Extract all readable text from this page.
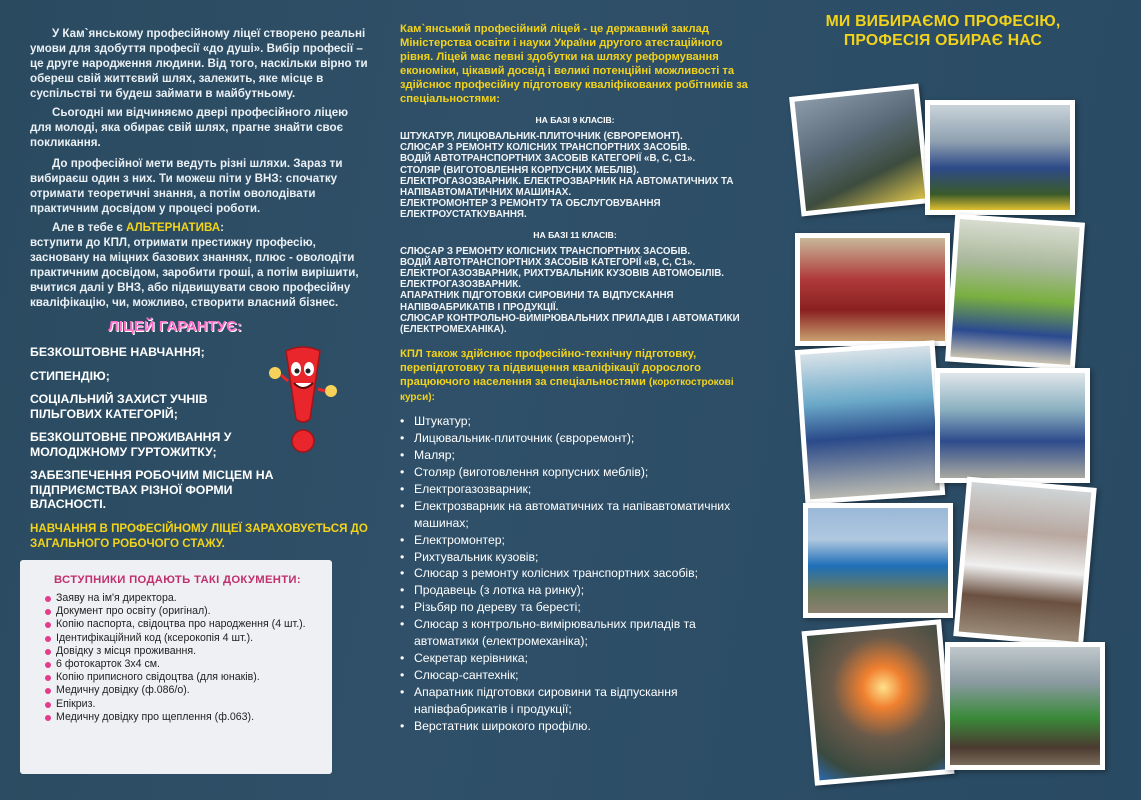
У Кам`янському професійному ліцеї створено реальні умови для здобуття професії «до душі». Вибір професії – це друге народження людини. Від того, наскільки вірно ти обереш свій життєвий шлях, залежить, яке місце в суспільстві ти будеш займати в майбутньому.

Сьогодні ми відчиняємо двері професійного ліцею для молоді, яка обирає свій шлях, прагне знайти своє покликання.

До професійної мети ведуть різні шляхи. Зараз ти вибираєш один з них. Ти можеш піти у ВНЗ: спочатку отримати теоретичні знання, а потім оволодівати практичним досвідом у процесі роботи.

Але в тебе є АЛЬТЕРНАТИВА:

вступити до КПЛ, отримати престижну професію, засновану на міцних базових знаннях, плюс - оволодіти практичним досвідом, заробити гроші, а потім вирішити, вчитися далі у ВНЗ, або підвищувати свою професійну кваліфікацію, чи, можливо, створити власний бізнес.

ЛІЦЕЙ ГАРАНТУЄ:
БЕЗКОШТОВНЕ НАВЧАННЯ;
СТИПЕНДІЮ;
СОЦІАЛЬНИЙ ЗАХИСТ УЧНІВ ПІЛЬГОВИХ КАТЕГОРІЙ;
БЕЗКОШТОВНЕ ПРОЖИВАННЯ У МОЛОДІЖНОМУ ГУРТОЖИТКУ;
ЗАБЕЗПЕЧЕННЯ РОБОЧИМ МІСЦЕМ НА ПІДПРИЄМСТВАХ РІЗНОЇ ФОРМИ ВЛАСНОСТІ.
НАВЧАННЯ В ПРОФЕСІЙНОМУ ЛІЦЕЇ ЗАРАХОВУЄТЬСЯ ДО ЗАГАЛЬНОГО РОБОЧОГО СТАЖУ.
ВСТУПНИКИ ПОДАЮТЬ ТАКІ ДОКУМЕНТИ:
Заяву на ім'я директора.
Документ про освіту (оригінал).
Копію паспорта, свідоцтва про народження (4 шт.).
Ідентифікаційний код (ксерокопія 4 шт.).
Довідку з місця проживання.
6 фотокарток 3х4 см.
Копію приписного свідоцтва (для юнаків).
Медичну довідку (ф.086/о).
Епікриз.
Медичну довідку про щеплення (ф.063).

Кам`янський професійний ліцей - це державний заклад Міністерства освіти і науки України другого атестаційного рівня. Ліцей має певні здобутки на шляху реформування економіки, цікавий досвід і великі потенційні можливості та здійснює професійну підготовку кваліфікованих робітників за спеціальностями:

НА БАЗІ 9 КЛАСІВ:
ШТУКАТУР, ЛИЦЮВАЛЬНИК-ПЛИТОЧНИК (ЄВРОРЕМОНТ).
СЛЮСАР З РЕМОНТУ КОЛІСНИХ ТРАНСПОРТНИХ ЗАСОБІВ.
ВОДІЙ АВТОТРАНСПОРТНИХ ЗАСОБІВ КАТЕГОРІЇ «В, С, С1».
СТОЛЯР (ВИГОТОВЛЕННЯ КОРПУСНИХ МЕБЛІВ).
ЕЛЕКТРОГАЗОЗВАРНИК. ЕЛЕКТРОЗВАРНИК НА АВТОМАТИЧНИХ ТА НАПІВАВТОМАТИЧНИХ МАШИНАХ.
ЕЛЕКТРОМОНТЕР З РЕМОНТУ ТА ОБСЛУГОВУВАННЯ ЕЛЕКТРОУСТАТКУВАННЯ.
НА БАЗІ 11 КЛАСІВ:
СЛЮСАР З РЕМОНТУ КОЛІСНИХ ТРАНСПОРТНИХ ЗАСОБІВ.
ВОДІЙ АВТОТРАНСПОРТНИХ ЗАСОБІВ КАТЕГОРІЇ «В, С, С1».
ЕЛЕКТРОГАЗОЗВАРНИК, РИХТУВАЛЬНИК КУЗОВІВ АВТОМОБІЛІВ.
ЕЛЕКТРОГАЗОЗВАРНИК.
АПАРАТНИК ПІДГОТОВКИ СИРОВИНИ ТА ВІДПУСКАННЯ НАПІВФАБРИКАТІВ І ПРОДУКЦІЇ.
СЛЮСАР КОНТРОЛЬНО-ВИМІРЮВАЛЬНИХ ПРИЛАДІВ І АВТОМАТИКИ (ЕЛЕКТРОМЕХАНІКА).

КПЛ також здійснює професійно-технічну підготовку, перепідготовку та підвищення кваліфікації дорослого працюючого населення за спеціальностями (короткострокові курси):

• Штукатур;
• Лицювальник-плиточник (євроремонт);
• Маляр;
• Столяр (виготовлення корпусних меблів);
• Електрогазозварник;
• Електрозварник на автоматичних та напівавтоматичних машинах;
• Електромонтер;
• Рихтувальник кузовів;
• Слюсар з ремонту колісних транспортних засобів;
• Продавець (з лотка на ринку);
• Різьбяр по дереву та бересті;
• Слюсар з контрольно-вимірювальних приладів та автоматики (електромеханіка);
• Секретар керівника;
• Слюсар-сантехнік;
• Апаратник підготовки сировини та відпускання напівфабрикатів і продукції;
• Верстатник широкого профілю.
МИ ВИБИРАЄМО ПРОФЕСІЮ,
ПРОФЕСІЯ ОБИРАЄ НАС
